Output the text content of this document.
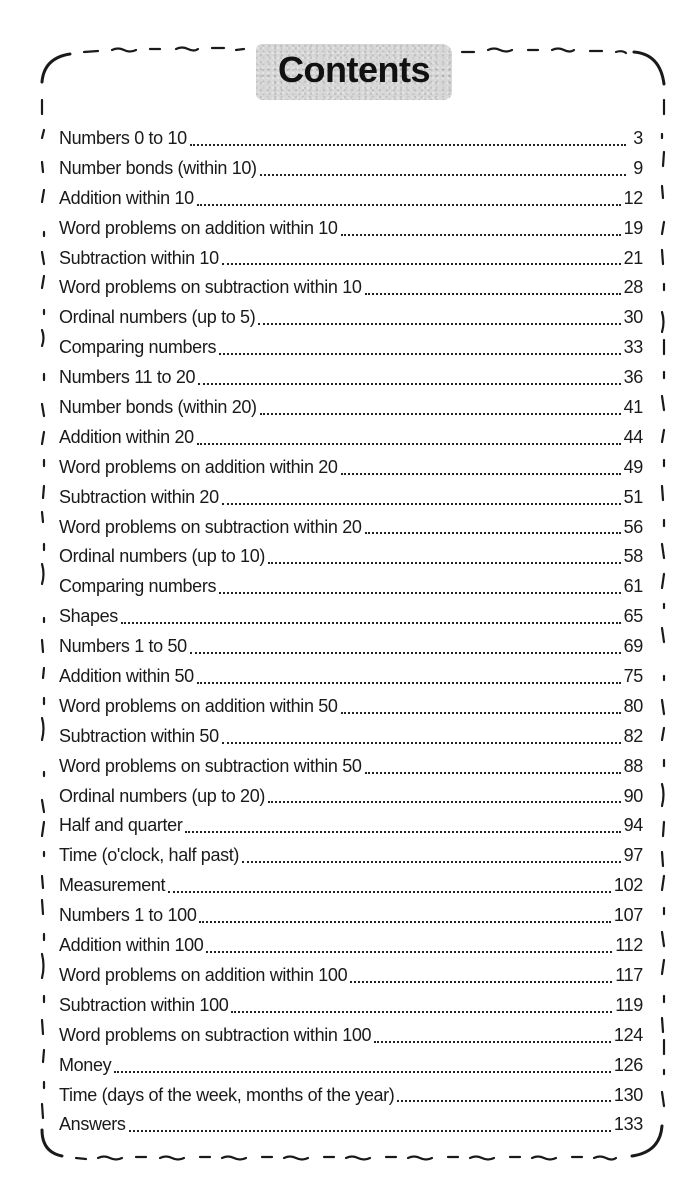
Contents
Numbers 0 to 10	3
Number bonds (within 10)	9
Addition within 10	12
Word problems on addition within 10	19
Subtraction within 10	21
Word problems on subtraction within 10	28
Ordinal numbers (up to 5)	30
Comparing numbers	33
Numbers 11 to 20	36
Number bonds (within 20)	41
Addition within 20	44
Word problems on addition within 20	49
Subtraction within 20	51
Word problems on subtraction within 20	56
Ordinal numbers (up to 10)	58
Comparing numbers	61
Shapes	65
Numbers 1 to 50	69
Addition within 50	75
Word problems on addition within 50	80
Subtraction within 50	82
Word problems on subtraction within 50	88
Ordinal numbers (up to 20)	90
Half and quarter	94
Time (o'clock, half past)	97
Measurement	102
Numbers 1 to 100	107
Addition within 100	112
Word problems on addition within 100	117
Subtraction within 100	119
Word problems on subtraction within 100	124
Money	126
Time (days of the week, months of the year)	130
Answers	133
